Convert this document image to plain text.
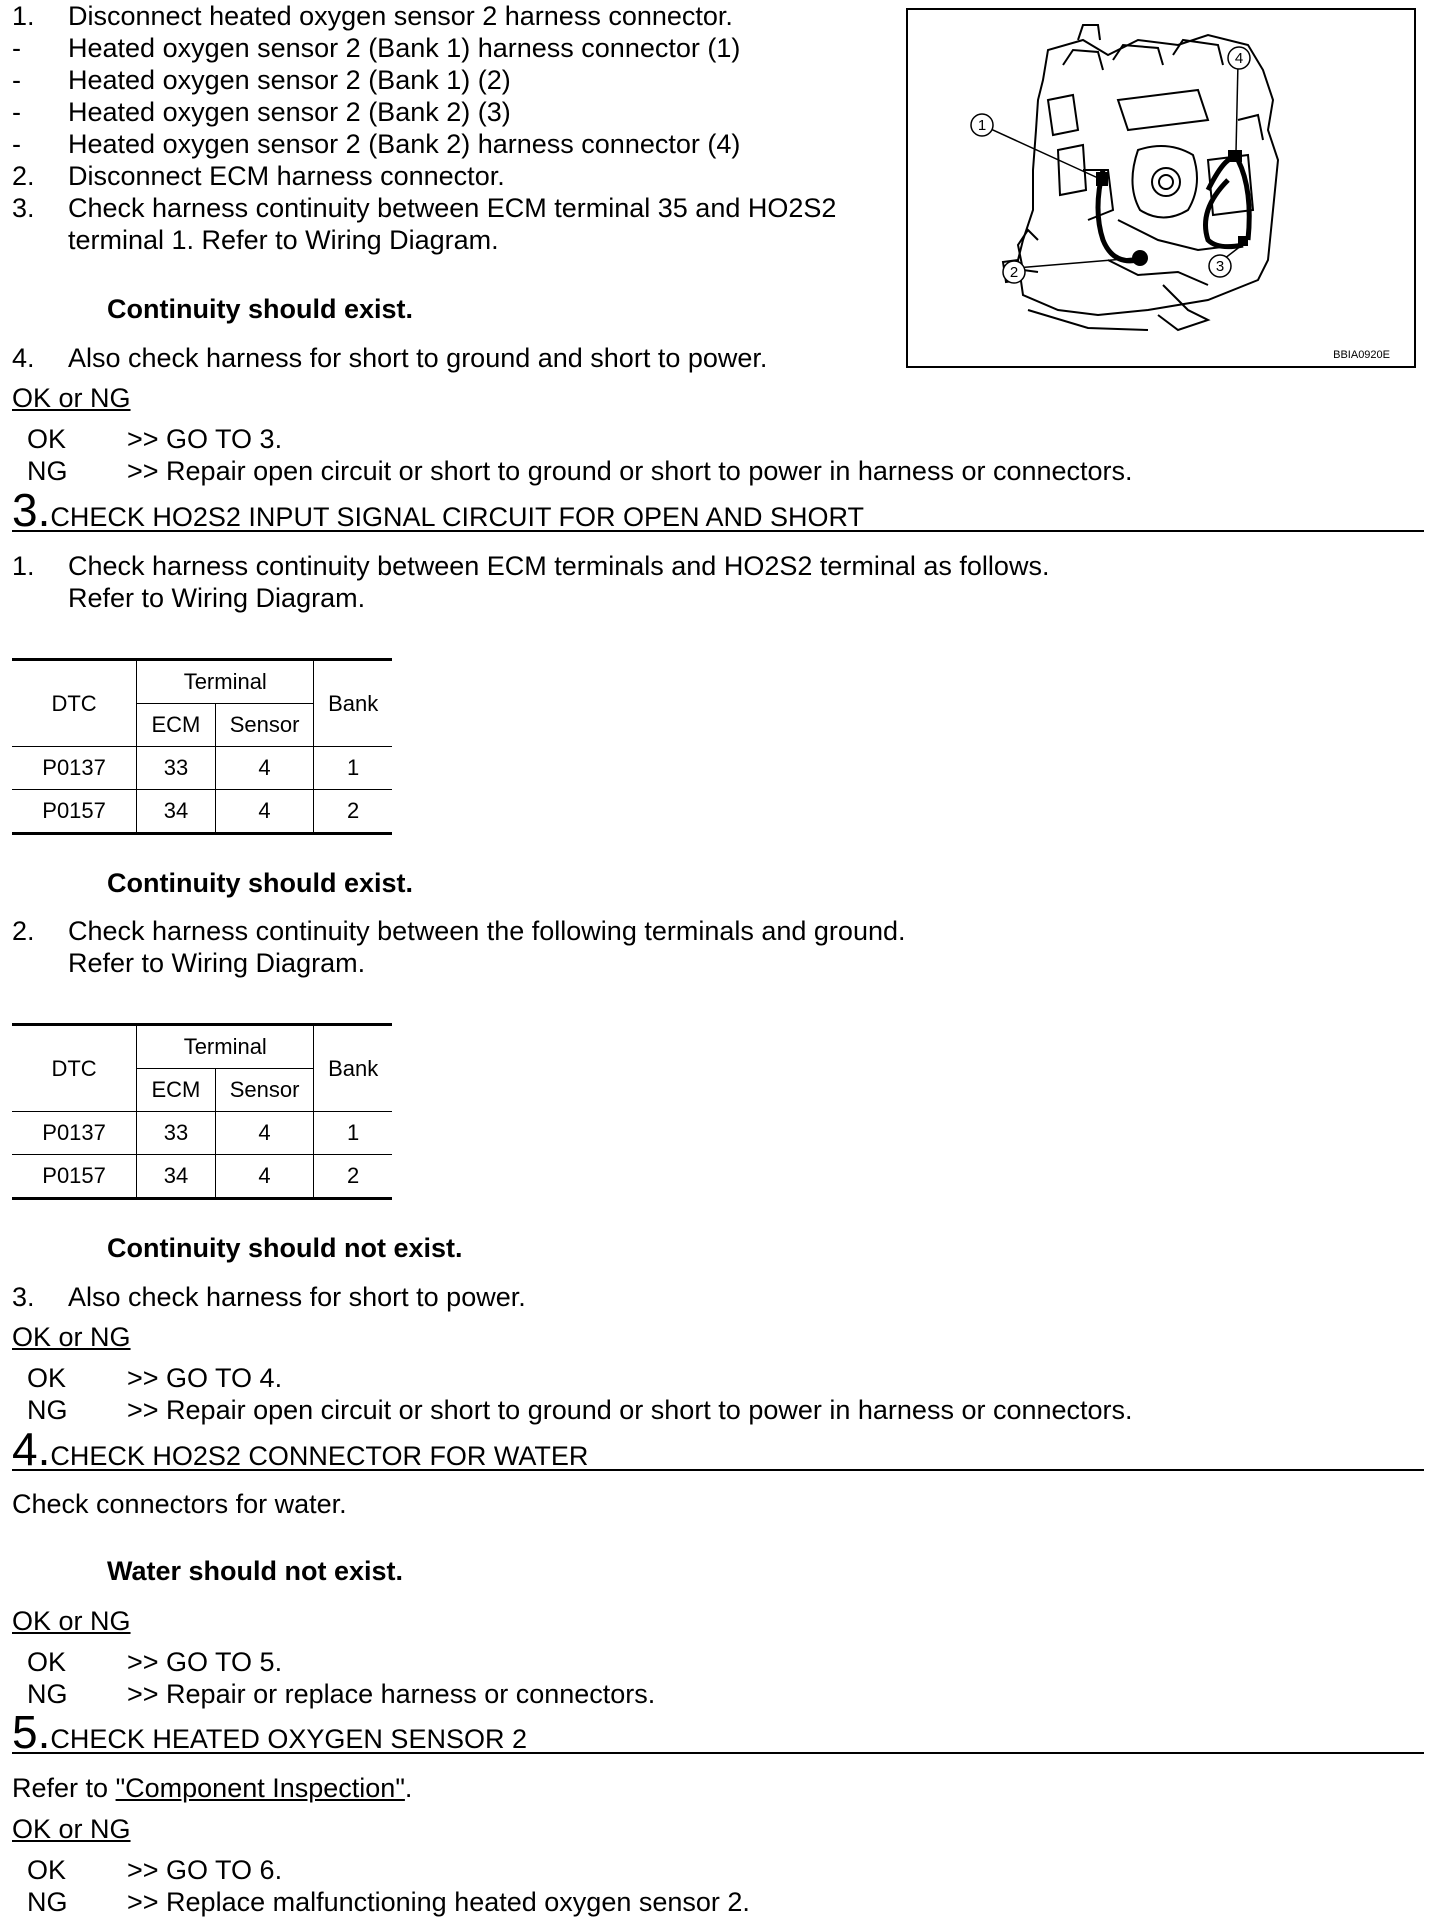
1. Disconnect heated oxygen sensor 2 harness connector.
- Heated oxygen sensor 2 (Bank 1) harness connector (1)
- Heated oxygen sensor 2 (Bank 1) (2)
- Heated oxygen sensor 2 (Bank 2) (3)
- Heated oxygen sensor 2 (Bank 2) harness connector (4)
2. Disconnect ECM harness connector.
3. Check harness continuity between ECM terminal 35 and HO2S2
terminal 1. Refer to Wiring Diagram.
Continuity should exist.
4. Also check harness for short to ground and short to power.
OK or NG
OK >> GO TO 3.
NG >> Repair open circuit or short to ground or short to power in harness or connectors.
1
2	3
4
BBIA0920E
3.CHECK HO2S2 INPUT SIGNAL CIRCUIT FOR OPEN AND SHORT
1. Check harness continuity between ECM terminals and HO2S2 terminal as follows.
Refer to Wiring Diagram.
DTC	Terminal		Bank
	ECM	Sensor	
P0137	33	4	1
P0157	34	4	2
Continuity should exist.
2. Check harness continuity between the following terminals and ground.
Refer to Wiring Diagram.
DTC	Terminal		Bank
	ECM	Sensor	
P0137	33	4	1
P0157	34	4	2
Continuity should not exist.
3. Also check harness for short to power.
OK or NG
OK >> GO TO 4.
NG >> Repair open circuit or short to ground or short to power in harness or connectors.
4.CHECK HO2S2 CONNECTOR FOR WATER
Check connectors for water.
Water should not exist.
OK or NG
OK >> GO TO 5.
NG >> Repair or replace harness or connectors.
5.CHECK HEATED OXYGEN SENSOR 2
Refer to "Component Inspection".
OK or NG
OK >> GO TO 6.
NG >> Replace malfunctioning heated oxygen sensor 2.
